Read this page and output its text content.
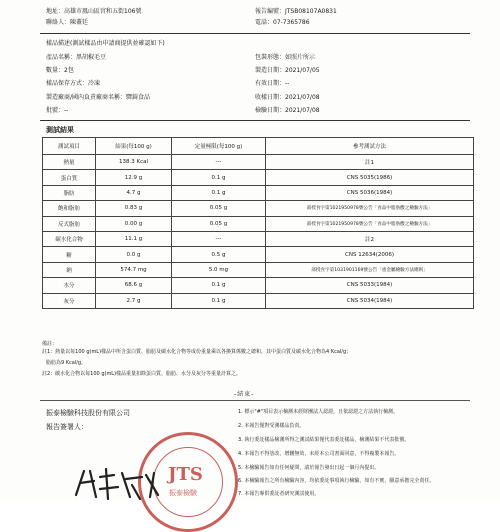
地址：高雄市鳳山區宮和五街106號	報告編號：JTSB08107A0831
聯絡人：陳蓋廷	電話：07-7365786
樣品描述(測試樣品由申請商提供並確認如下)
產品名稱：黑胡椒毛豆	包裝形態：如照片所示
數量：2包	製造日期：2021/07/05
樣品保存方式：冷凍	有效日期：--
製造廠商/國內負責廠商名稱：驛錡食品	收樣日期：2021/07/08
批號：--	檢驗日期：2021/07/08
測試結果
測試項目	結果(每100 g)	定量極限(每100 g)	參考測試方法
熱量	138.3 Kcal	---	註1
蛋白質	12.9 g	0.1 g	CNS 5035(1986)
脂肪	4.7 g	0.1 g	CNS 5036(1984)
飽和脂肪	0.83 g	0.05 g	部授食字第1021950978號公告「食品中脂肪酸之檢驗方法」
反式脂肪	0.00 g	0.05 g	部授食字第1021950978號公告「食品中脂肪酸之檢驗方法」
碳水化合物	11.1 g	---	註2
糖	0.0 g	0.5 g	CNS 12634(2006)
鈉	574.7 mg	5.0 mg	部授食字第1031901169號公告「重金屬檢驗方法總則」
水分	68.6 g	0.1 g	CNS 5033(1984)
灰分	2.7 g	0.1 g	CNS 5034(1984)
備註：
註1：熱量以每100 g(mL)樣品中所含蛋白質、脂肪及碳水化合物等成份重量乘以各換算係數之總和。其中蛋白質及碳水化合物為4 Kcal/g；
脂肪為9 Kcal/g。
註2：碳水化合物以每100 g(mL)樣品重量扣除蛋白質、脂肪、水分及灰分等重量計算之。
-結束-
振泰檢驗科技股份有限公司
報告簽署人：
1. 標示"#"項目表示檢測未經財團法人認證，且依認證之方法執行檢測。
2. 本報告僅對受測樣品負責。
3. 執行委託樣品檢測所得之測試結果僅代表委託樣品，檢測結果不代表批號。
4. 本報告不得塗改，增刪無效，未經本公司書面同意，不得複製本報告。
5. 本檢驗報告如有任何疑問，請於報告發出日起一個月內提出。
6. 本檢驗報告之所有檢驗內容，均依委託事項執行檢驗，如有不實，願意承擔完全責任。
7. 本報告專供委託者研究測試使用。
JTS
振泰檢驗
